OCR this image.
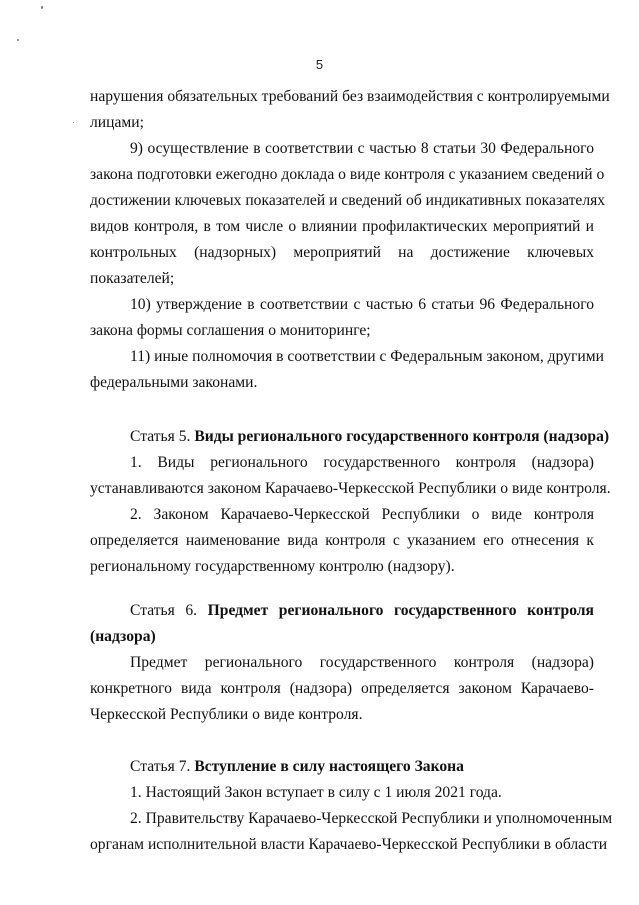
5
нарушения обязательных требований без взаимодействия с контролируемыми
лицами;
9) осуществление в соответствии с частью 8 статьи 30 Федерального
закона подготовки ежегодно доклада о виде контроля с указанием сведений о
достижении ключевых показателей и сведений об индикативных показателях
видов контроля, в том числе о влиянии профилактических мероприятий и
контрольных (надзорных) мероприятий на достижение ключевых
показателей;
10) утверждение в соответствии с частью 6 статьи 96 Федерального
закона формы соглашения о мониторинге;
11) иные полномочия в соответствии с Федеральным законом, другими
федеральными законами.
Статья 5. Виды регионального государственного контроля (надзора)
1. Виды регионального государственного контроля (надзора)
устанавливаются законом Карачаево-Черкесской Республики о виде контроля.
2. Законом Карачаево-Черкесской Республики о виде контроля
определяется наименование вида контроля с указанием его отнесения к
региональному государственному контролю (надзору).
Статья 6. Предмет регионального государственного контроля
(надзора)
Предмет регионального государственного контроля (надзора)
конкретного вида контроля (надзора) определяется законом Карачаево-
Черкесской Республики о виде контроля.
Статья 7. Вступление в силу настоящего Закона
1. Настоящий Закон вступает в силу с 1 июля 2021 года.
2. Правительству Карачаево-Черкесской Республики и уполномоченным
органам исполнительной власти Карачаево-Черкесской Республики в области
